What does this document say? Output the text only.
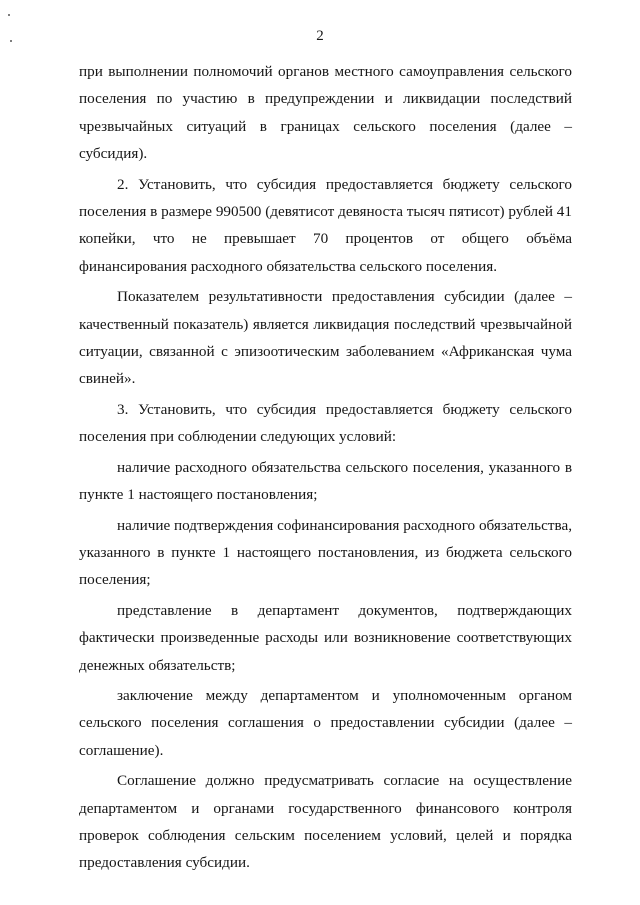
2

при выполнении полномочий органов местного самоуправления сельского поселения по участию в предупреждении и ликвидации последствий чрезвычайных ситуаций в границах сельского поселения (далее – субсидия).

2. Установить, что субсидия предоставляется бюджету сельского поселения в размере 990500 (девятисот девяноста тысяч пятисот) рублей 41 копейки, что не превышает 70 процентов от общего объёма финансирования расходного обязательства сельского поселения.

Показателем результативности предоставления субсидии (далее – качественный показатель) является ликвидация последствий чрезвычайной ситуации, связанной с эпизоотическим заболеванием «Африканская чума свиней».

3. Установить, что субсидия предоставляется бюджету сельского поселения при соблюдении следующих условий:

наличие расходного обязательства сельского поселения, указанного в пункте 1 настоящего постановления;

наличие подтверждения софинансирования расходного обязательства, указанного в пункте 1 настоящего постановления, из бюджета сельского поселения;

представление в департамент документов, подтверждающих фактически произведенные расходы или возникновение соответствующих денежных обязательств;

заключение между департаментом и уполномоченным органом сельского поселения соглашения о предоставлении субсидии (далее – соглашение).

Соглашение должно предусматривать согласие на осуществление департаментом и органами государственного финансового контроля проверок соблюдения сельским поселением условий, целей и порядка предоставления субсидии.
